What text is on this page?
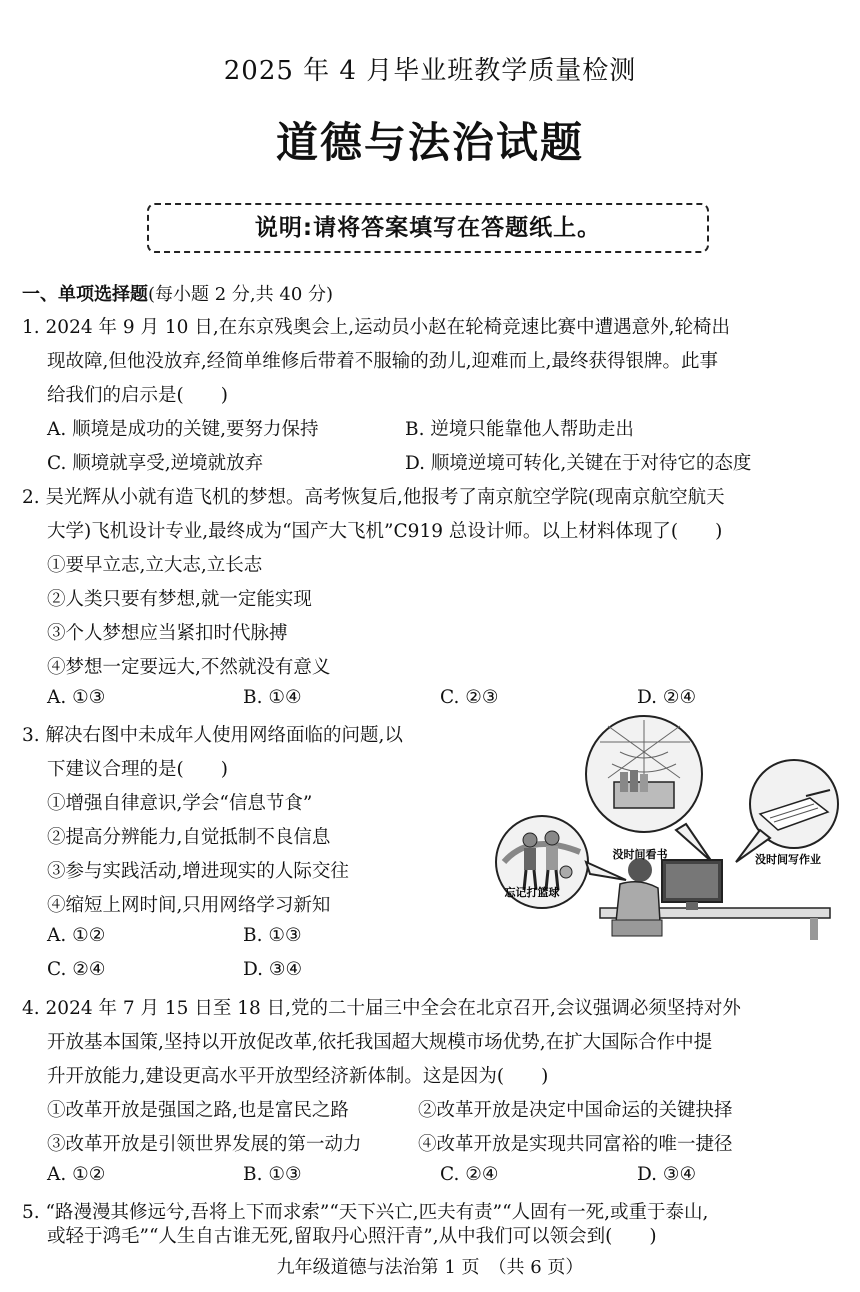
2025 年 4 月毕业班教学质量检测
道德与法治试题
说明:请将答案填写在答题纸上。
一、单项选择题(每小题 2 分,共 40 分)
1. 2024 年 9 月 10 日,在东京残奥会上,运动员小赵在轮椅竞速比赛中遭遇意外,轮椅出
现故障,但他没放弃,经简单维修后带着不服输的劲儿,迎难而上,最终获得银牌。此事
给我们的启示是(　　)
A. 顺境是成功的关键,要努力保持	B. 逆境只能靠他人帮助走出
C. 顺境就享受,逆境就放弃	D. 顺境逆境可转化,关键在于对待它的态度
2. 吴光辉从小就有造飞机的梦想。高考恢复后,他报考了南京航空学院(现南京航空航天
大学)飞机设计专业,最终成为“国产大飞机”C919 总设计师。以上材料体现了(　　)
①要早立志,立大志,立长志
②人类只要有梦想,就一定能实现
③个人梦想应当紧扣时代脉搏
④梦想一定要远大,不然就没有意义
A. ①③	B. ①④	C. ②③	D. ②④
3. 解决右图中未成年人使用网络面临的问题,以
下建议合理的是(　　)
①增强自律意识,学会“信息节食”
②提高分辨能力,自觉抵制不良信息
③参与实践活动,增进现实的人际交往
④缩短上网时间,只用网络学习新知
A. ①②	B. ①③
C. ②④	D. ③④
没时间看书	没时间写作业
忘记打篮球
4. 2024 年 7 月 15 日至 18 日,党的二十届三中全会在北京召开,会议强调必须坚持对外
开放基本国策,坚持以开放促改革,依托我国超大规模市场优势,在扩大国际合作中提
升开放能力,建设更高水平开放型经济新体制。这是因为(　　)
①改革开放是强国之路,也是富民之路	②改革开放是决定中国命运的关键抉择
③改革开放是引领世界发展的第一动力	④改革开放是实现共同富裕的唯一捷径
A. ①②	B. ①③	C. ②④	D. ③④
5. “路漫漫其修远兮,吾将上下而求索”“天下兴亡,匹夫有责”“人固有一死,或重于泰山,
或轻于鸿毛”“人生自古谁无死,留取丹心照汗青”,从中我们可以领会到(　　)
九年级道德与法治第 1 页　（共 6 页）
